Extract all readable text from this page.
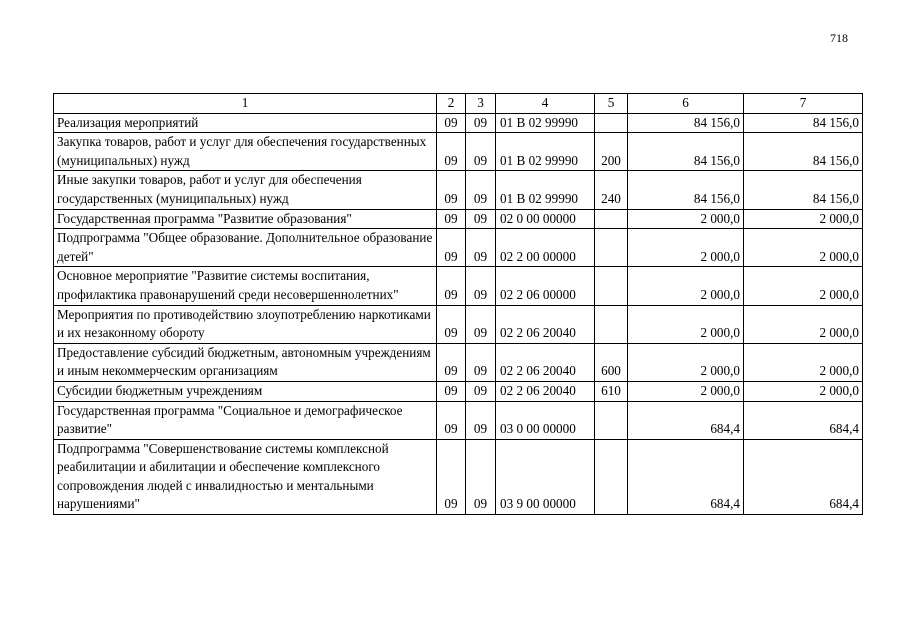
718
1	2	3	4	5	6	7
Реализация мероприятий	09	09	01 В 02 99990		84 156,0	84 156,0
Закупка товаров, работ и услуг для обеспечения государственных (муниципальных) нужд	09	09	01 В 02 99990	200	84 156,0	84 156,0
Иные закупки товаров, работ и услуг для обеспечения государственных (муниципальных) нужд	09	09	01 В 02 99990	240	84 156,0	84 156,0
Государственная программа "Развитие образования"	09	09	02 0 00 00000		2 000,0	2 000,0
Подпрограмма "Общее образование. Дополнительное образование детей"	09	09	02 2 00 00000		2 000,0	2 000,0
Основное мероприятие "Развитие системы воспитания, профилактика правонарушений среди несовершеннолетних"	09	09	02 2 06 00000		2 000,0	2 000,0
Мероприятия по противодействию злоупотреблению наркотиками и их незаконному обороту	09	09	02 2 06 20040		2 000,0	2 000,0
Предоставление субсидий бюджетным, автономным учреждениям и иным некоммерческим организациям	09	09	02 2 06 20040	600	2 000,0	2 000,0
Субсидии бюджетным учреждениям	09	09	02 2 06 20040	610	2 000,0	2 000,0
Государственная программа "Социальное и демографическое развитие"	09	09	03 0 00 00000		684,4	684,4
Подпрограмма "Совершенствование системы комплексной реабилитации и абилитации и обеспечение комплексного сопровождения людей с инвалидностью и ментальными нарушениями"	09	09	03 9 00 00000		684,4	684,4
